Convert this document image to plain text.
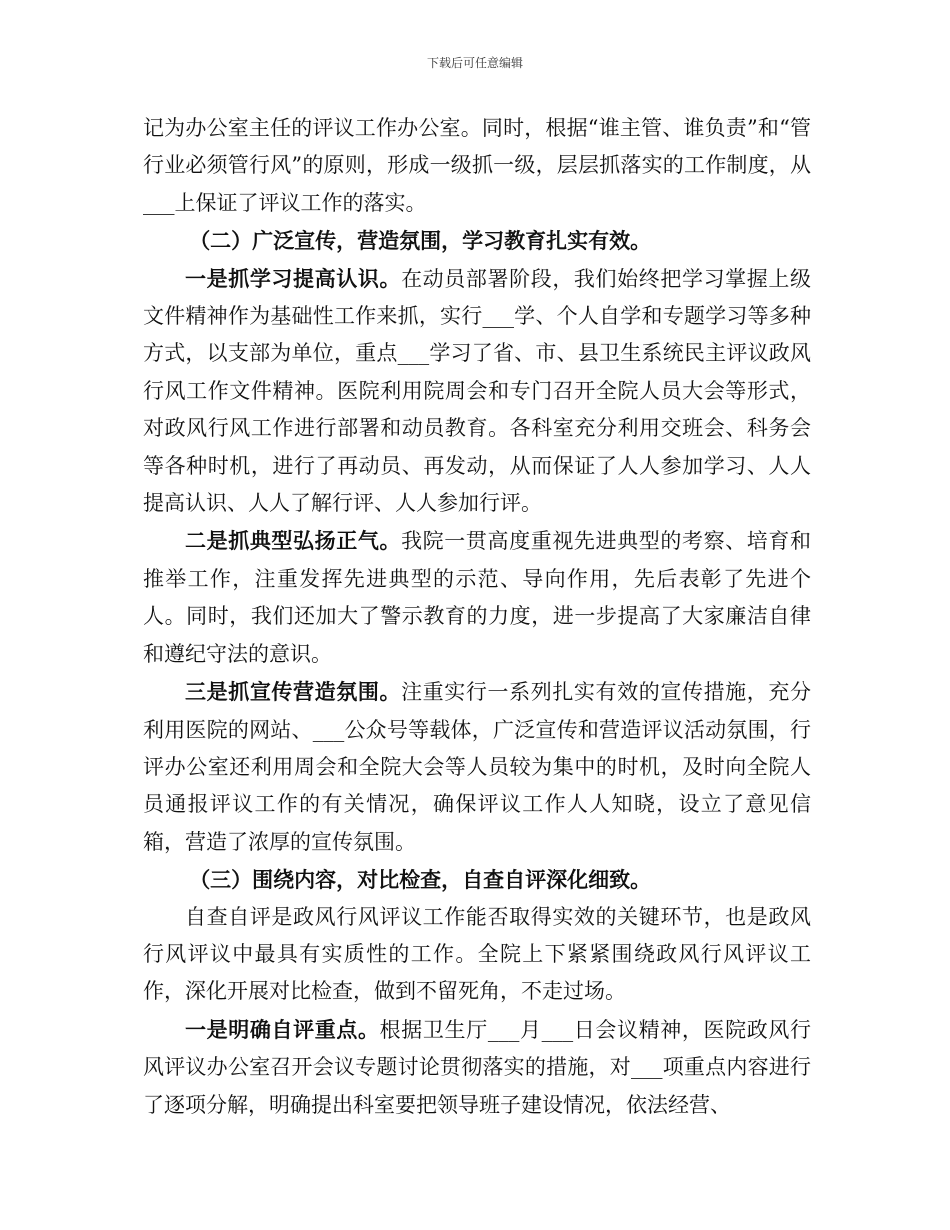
下载后可任意编辑

记为办公室主任的评议工作办公室。同时，根据“谁主管、谁负责”和“管行业必须管行风”的原则，形成一级抓一级，层层抓落实的工作制度，从___上保证了评议工作的落实。

（二）广泛宣传，营造氛围，学习教育扎实有效。

一是抓学习提高认识。在动员部署阶段，我们始终把学习掌握上级文件精神作为基础性工作来抓，实行___学、个人自学和专题学习等多种方式，以支部为单位，重点___学习了省、市、县卫生系统民主评议政风行风工作文件精神。医院利用院周会和专门召开全院人员大会等形式，对政风行风工作进行部署和动员教育。各科室充分利用交班会、科务会等各种时机，进行了再动员、再发动，从而保证了人人参加学习、人人提高认识、人人了解行评、人人参加行评。

二是抓典型弘扬正气。我院一贯高度重视先进典型的考察、培育和推举工作，注重发挥先进典型的示范、导向作用，先后表彰了先进个人。同时，我们还加大了警示教育的力度，进一步提高了大家廉洁自律和遵纪守法的意识。

三是抓宣传营造氛围。注重实行一系列扎实有效的宣传措施，充分利用医院的网站、___公众号等载体，广泛宣传和营造评议活动氛围，行评办公室还利用周会和全院大会等人员较为集中的时机，及时向全院人员通报评议工作的有关情况，确保评议工作人人知晓，设立了意见信箱，营造了浓厚的宣传氛围。

（三）围绕内容，对比检查，自查自评深化细致。

自查自评是政风行风评议工作能否取得实效的关键环节，也是政风行风评议中最具有实质性的工作。全院上下紧紧围绕政风行风评议工作，深化开展对比检查，做到不留死角，不走过场。

一是明确自评重点。根据卫生厅___月___日会议精神，医院政风行风评议办公室召开会议专题讨论贯彻落实的措施，对___项重点内容进行了逐项分解，明确提出科室要把领导班子建设情况，依法经营、
